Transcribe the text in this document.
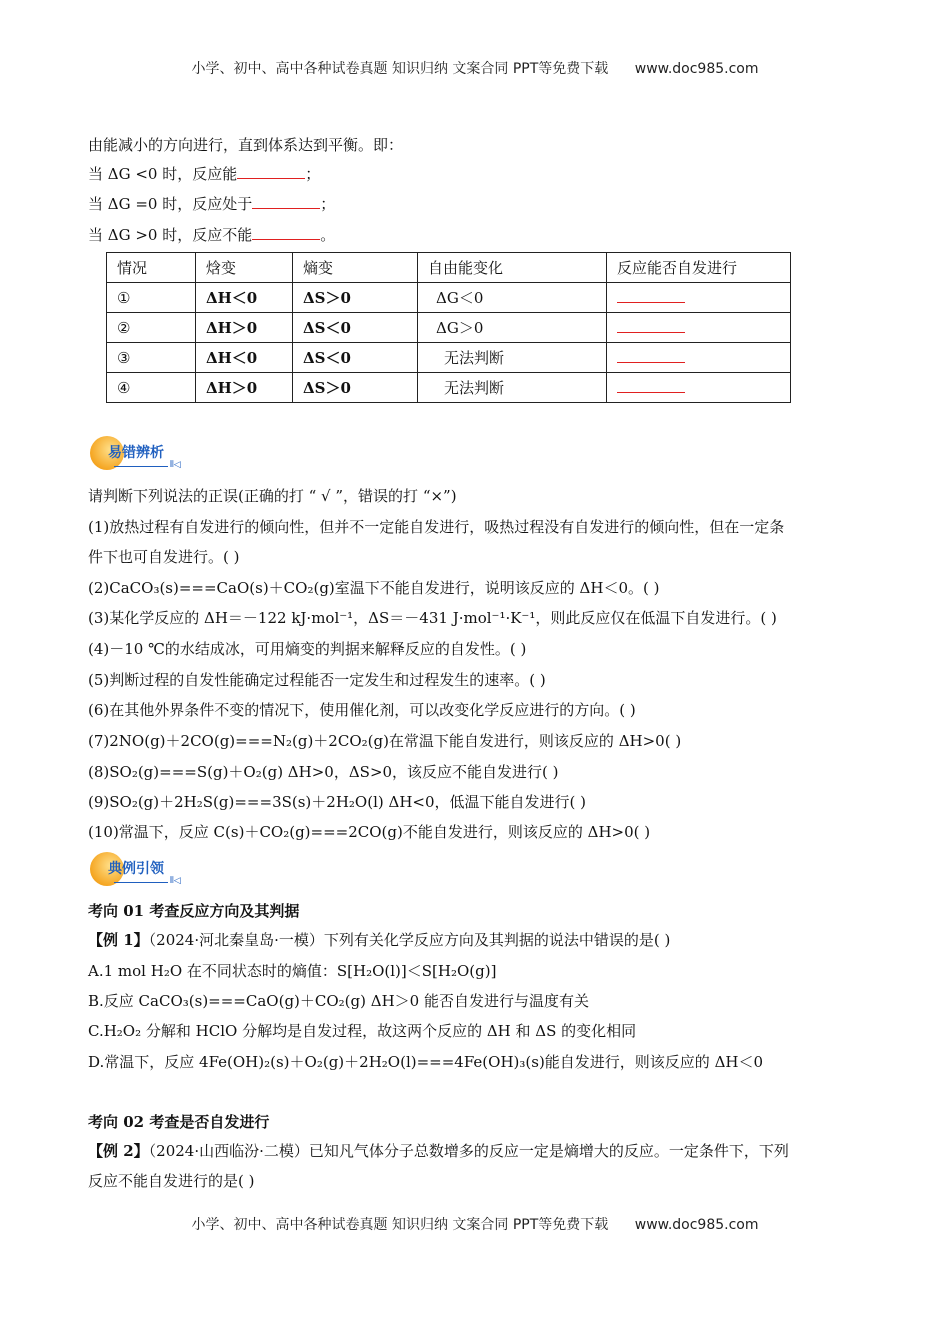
小学、初中、高中各种试卷真题 知识归纳 文案合同 PPT等免费下载 www.doc985.com
由能减小的方向进行，直到体系达到平衡。即：
当 ΔG <0 时，反应能	；
当 ΔG =0 时，反应处于	；
当 ΔG >0 时，反应不能	。
情况	焓变	熵变	自由能变化	反应能否自发进行
①	ΔH＜0	ΔS＞0	ΔG＜0	
②	ΔH＞0	ΔS＜0	ΔG＞0	
③	ΔH＜0	ΔS＜0	无法判断	
④	ΔH＞0	ΔS＞0	无法判断	
易错辨析
⫴◁
请判断下列说法的正误(正确的打 “ √ ”，错误的打 “×”)
(1)放热过程有自发进行的倾向性，但并不一定能自发进行，吸热过程没有自发进行的倾向性，但在一定条
件下也可自发进行。( )
(2)CaCO₃(s)===CaO(s)＋CO₂(g)室温下不能自发进行，说明该反应的 ΔH＜0。( )
(3)某化学反应的 ΔH＝－122 kJ·mol⁻¹，ΔS＝－431 J·mol⁻¹·K⁻¹，则此反应仅在低温下自发进行。( )
(4)－10 ℃的水结成冰，可用熵变的判据来解释反应的自发性。( )
(5)判断过程的自发性能确定过程能否一定发生和过程发生的速率。( )
(6)在其他外界条件不变的情况下，使用催化剂，可以改变化学反应进行的方向。( )
(7)2NO(g)＋2CO(g)===N₂(g)＋2CO₂(g)在常温下能自发进行，则该反应的 ΔH>0( )
(8)SO₂(g)===S(g)＋O₂(g) ΔH>0，ΔS>0，该反应不能自发进行( )
(9)SO₂(g)＋2H₂S(g)===3S(s)＋2H₂O(l) ΔH<0，低温下能自发进行( )
(10)常温下，反应 C(s)＋CO₂(g)===2CO(g)不能自发进行，则该反应的 ΔH>0( )
典例引领
⫴◁
考向 01 考查反应方向及其判据
【例 1】（2024·河北秦皇岛·一模）下列有关化学反应方向及其判据的说法中错误的是( )
A.1 mol H₂O 在不同状态时的熵值：S[H₂O(l)]＜S[H₂O(g)]
B.反应 CaCO₃(s)===CaO(g)＋CO₂(g) ΔH＞0 能否自发进行与温度有关
C.H₂O₂ 分解和 HClO 分解均是自发过程，故这两个反应的 ΔH 和 ΔS 的变化相同
D.常温下，反应 4Fe(OH)₂(s)＋O₂(g)＋2H₂O(l)===4Fe(OH)₃(s)能自发进行，则该反应的 ΔH＜0
考向 02 考查是否自发进行
【例 2】（2024·山西临汾·二模）已知凡气体分子总数增多的反应一定是熵增大的反应。一定条件下，下列
反应不能自发进行的是( )
小学、初中、高中各种试卷真题 知识归纳 文案合同 PPT等免费下载 www.doc985.com
